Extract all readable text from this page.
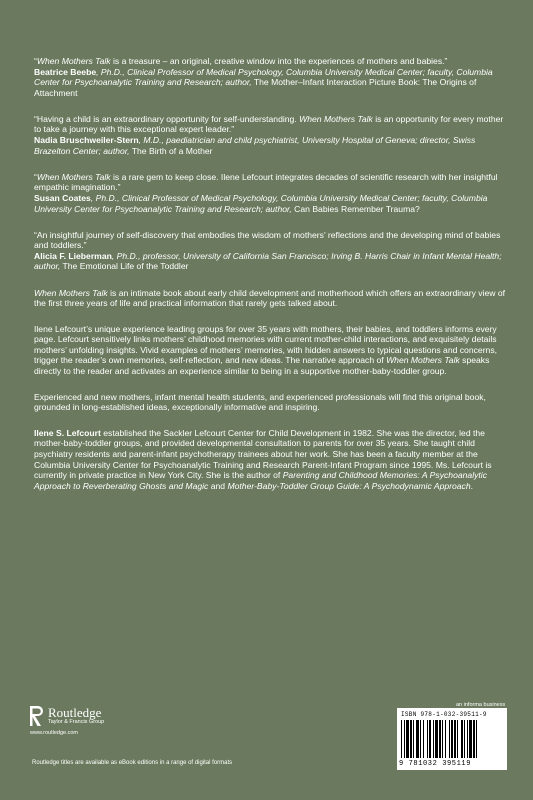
“When Mothers Talk is a treasure – an original, creative window into the experiences of mothers and babies.”
Beatrice Beebe, Ph.D., Clinical Professor of Medical Psychology, Columbia University Medical Center; faculty, Columbia Center for Psychoanalytic Training and Research; author, The Mother–Infant Interaction Picture Book: The Origins of Attachment
“Having a child is an extraordinary opportunity for self-understanding. When Mothers Talk is an opportunity for every mother to take a journey with this exceptional expert leader.”
Nadia Bruschweiler-Stern, M.D., paediatrician and child psychiatrist, University Hospital of Geneva; director, Swiss Brazelton Center; author, The Birth of a Mother
“When Mothers Talk is a rare gem to keep close. Ilene Lefcourt integrates decades of scientific research with her insightful empathic imagination.”
Susan Coates, Ph.D., Clinical Professor of Medical Psychology, Columbia University Medical Center; faculty, Columbia University Center for Psychoanalytic Training and Research; author, Can Babies Remember Trauma?
“An insightful journey of self-discovery that embodies the wisdom of mothers’ reflections and the developing mind of babies and toddlers.”
Alicia F. Lieberman, Ph.D., professor, University of California San Francisco; Irving B. Harris Chair in Infant Mental Health; author, The Emotional Life of the Toddler
When Mothers Talk is an intimate book about early child development and motherhood which offers an extraordinary view of the first three years of life and practical information that rarely gets talked about.
Ilene Lefcourt’s unique experience leading groups for over 35 years with mothers, their babies, and toddlers informs every page. Lefcourt sensitively links mothers’ childhood memories with current mother-child interactions, and exquisitely details mothers’ unfolding insights. Vivid examples of mothers’ memories, with hidden answers to typical questions and concerns, trigger the reader’s own memories, self-reflection, and new ideas. The narrative approach of When Mothers Talk speaks directly to the reader and activates an experience similar to being in a supportive mother-baby-toddler group.
Experienced and new mothers, infant mental health students, and experienced professionals will find this original book, grounded in long-established ideas, exceptionally informative and inspiring.
Ilene S. Lefcourt established the Sackler Lefcourt Center for Child Development in 1982. She was the director, led the mother-baby-toddler groups, and provided developmental consultation to parents for over 35 years. She taught child psychiatry residents and parent-infant psychotherapy trainees about her work. She has been a faculty member at the Columbia University Center for Psychoanalytic Training and Research Parent-Infant Program since 1995. Ms. Lefcourt is currently in private practice in New York City. She is the author of Parenting and Childhood Memories: A Psychoanalytic Approach to Reverberating Ghosts and Magic and Mother-Baby-Toddler Group Guide: A Psychodynamic Approach.
Routledge
Taylor & Francis Group
www.routledge.com
Routledge titles are available as eBook editions in a range of digital formats
an informa business
ISBN 978-1-032-39511-9
9 781032 395119
